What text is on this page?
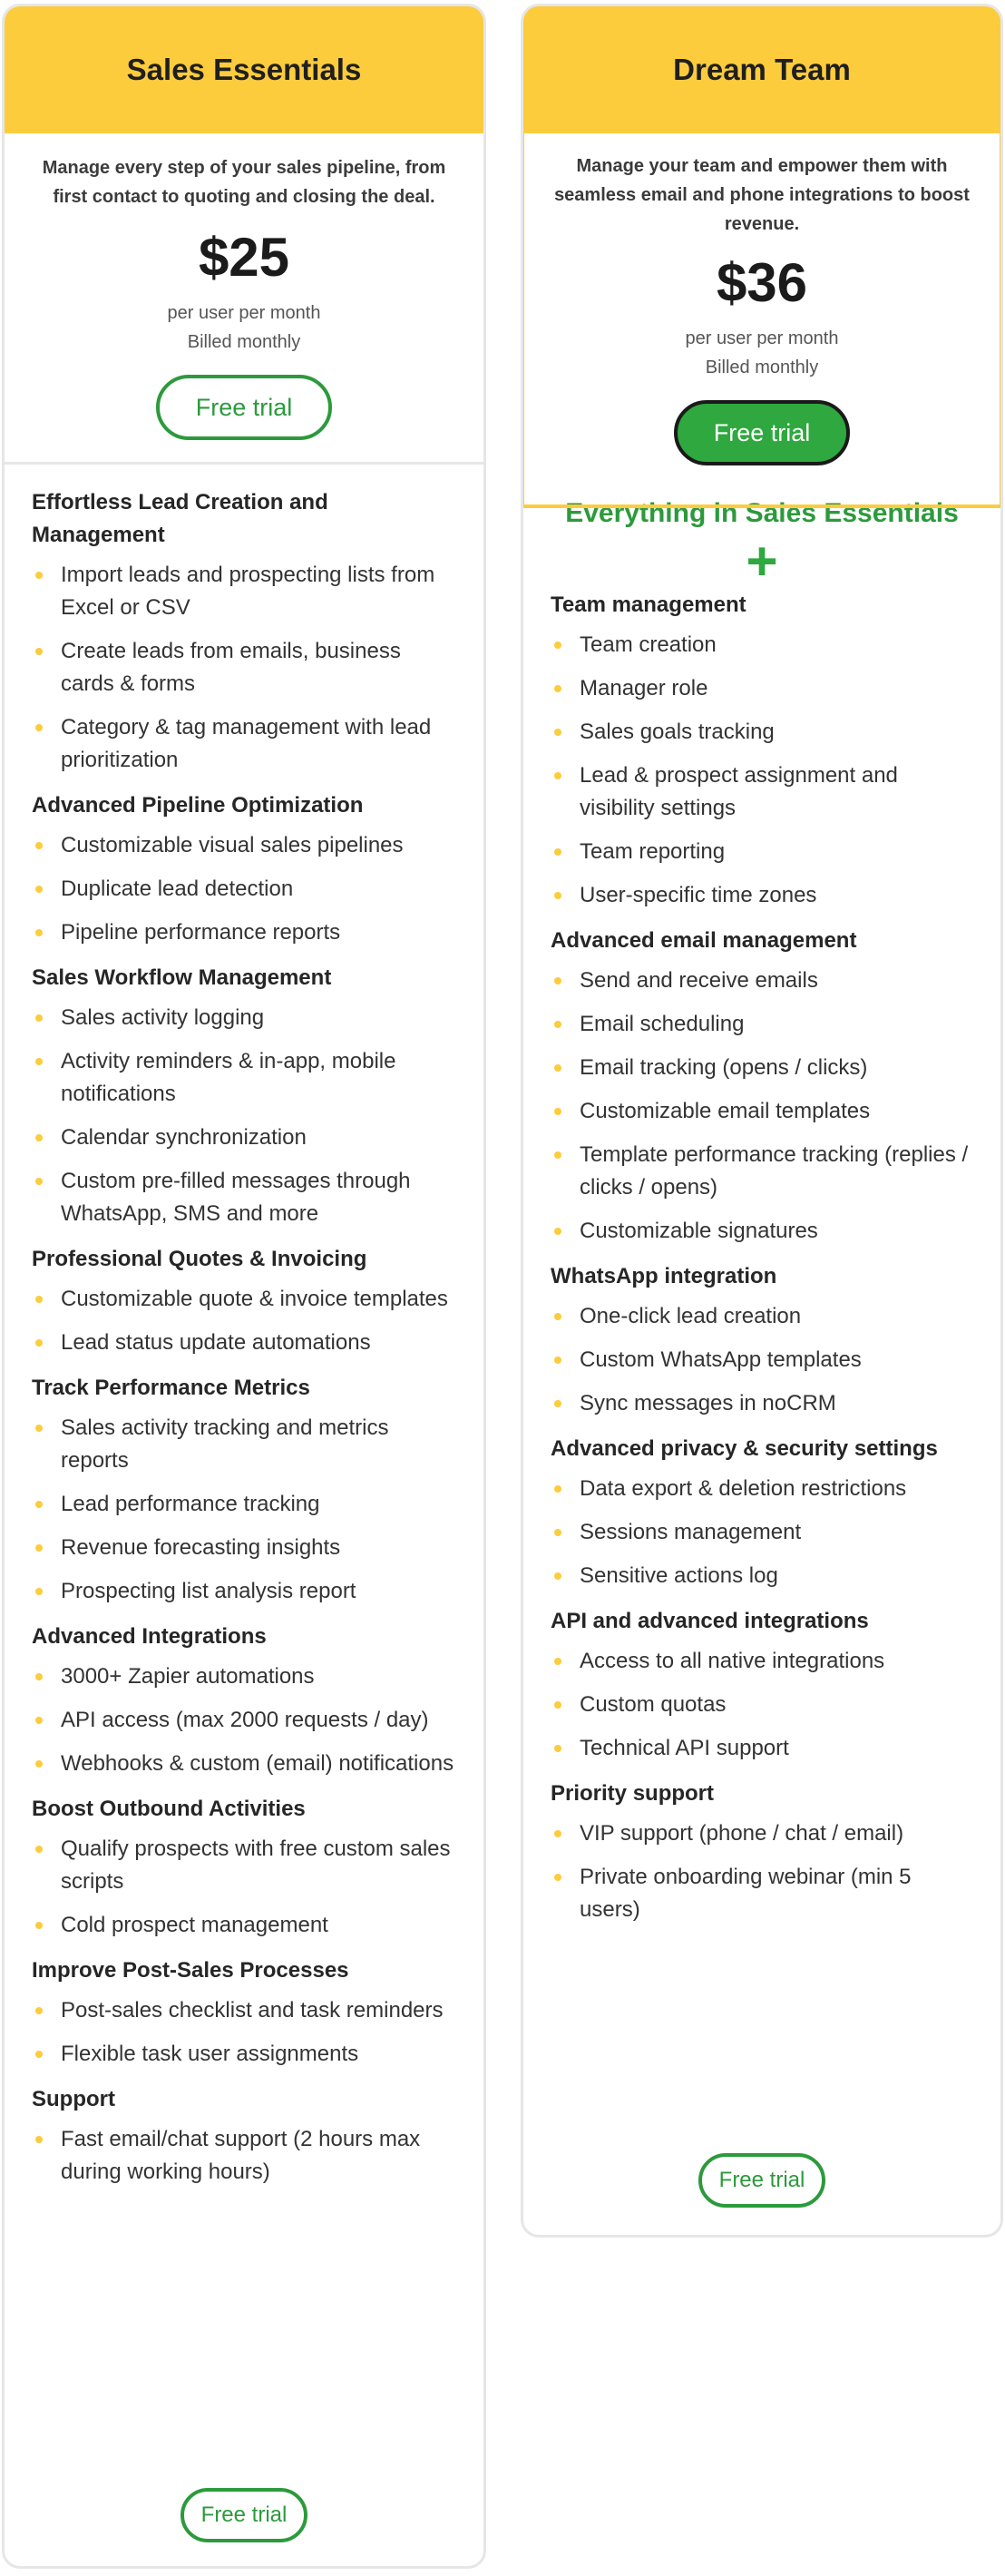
Sales Essentials
Manage every step of your sales pipeline, from first contact to quoting and closing the deal.
$25
per user per month
Billed monthly
Free trial
Effortless Lead Creation and Management
Import leads and prospecting lists from Excel or CSV
Create leads from emails, business cards & forms
Category & tag management with lead prioritization
Advanced Pipeline Optimization
Customizable visual sales pipelines
Duplicate lead detection
Pipeline performance reports
Sales Workflow Management
Sales activity logging
Activity reminders & in-app, mobile notifications
Calendar synchronization
Custom pre-filled messages through WhatsApp, SMS and more
Professional Quotes & Invoicing
Customizable quote & invoice templates
Lead status update automations
Track Performance Metrics
Sales activity tracking and metrics reports
Lead performance tracking
Revenue forecasting insights
Prospecting list analysis report
Advanced Integrations
3000+ Zapier automations
API access (max 2000 requests / day)
Webhooks & custom (email) notifications
Boost Outbound Activities
Qualify prospects with free custom sales scripts
Cold prospect management
Improve Post-Sales Processes
Post-sales checklist and task reminders
Flexible task user assignments
Support
Fast email/chat support (2 hours max during working hours)
Free trial
Dream Team
Manage your team and empower them with seamless email and phone integrations to boost revenue.
$36
per user per month
Billed monthly
Free trial
Everything in Sales Essentials
+
Team management
Team creation
Manager role
Sales goals tracking
Lead & prospect assignment and visibility settings
Team reporting
User-specific time zones
Advanced email management
Send and receive emails
Email scheduling
Email tracking (opens / clicks)
Customizable email templates
Template performance tracking (replies / clicks / opens)
Customizable signatures
WhatsApp integration
One-click lead creation
Custom WhatsApp templates
Sync messages in noCRM
Advanced privacy & security settings
Data export & deletion restrictions
Sessions management
Sensitive actions log
API and advanced integrations
Access to all native integrations
Custom quotas
Technical API support
Priority support
VIP support (phone / chat / email)
Private onboarding webinar (min 5 users)
Free trial
